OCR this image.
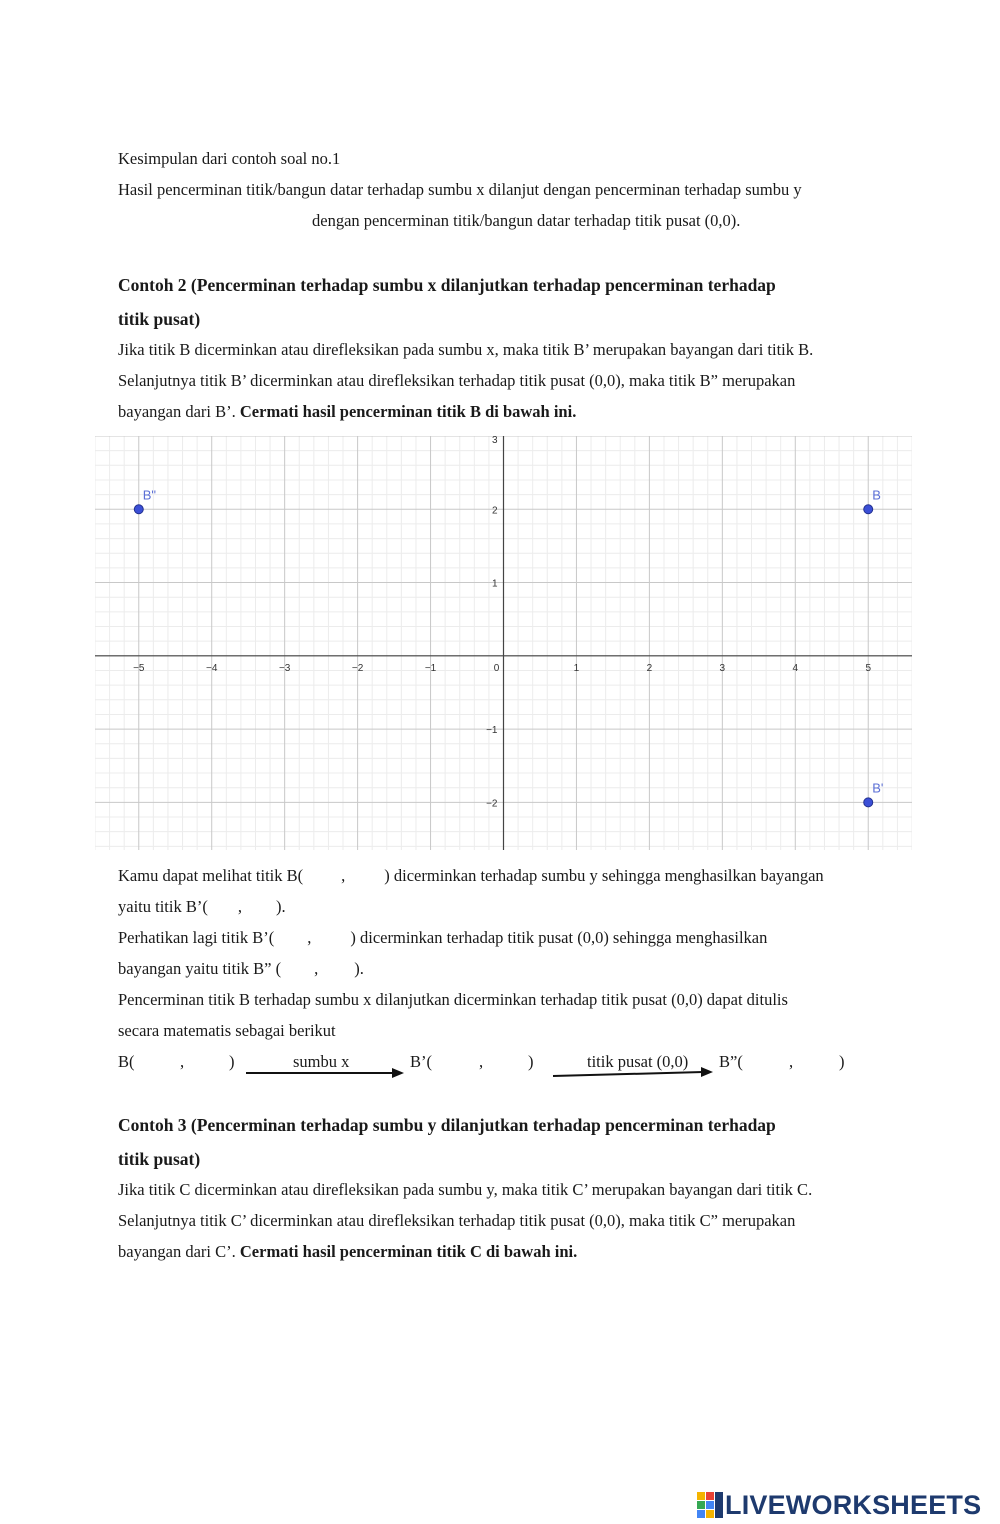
Kesimpulan dari contoh soal no.1
Hasil pencerminan titik/bangun datar terhadap sumbu x dilanjut dengan pencerminan terhadap sumbu y
dengan pencerminan titik/bangun datar terhadap titik pusat (0,0).
Contoh 2 (Pencerminan terhadap sumbu x dilanjutkan terhadap pencerminan terhadap
titik pusat)
Jika titik B dicerminkan atau direfleksikan pada sumbu x, maka titik B’ merupakan bayangan dari titik B.
Selanjutnya titik B’ dicerminkan atau direfleksikan terhadap titik pusat (0,0), maka titik B” merupakan
bayangan dari B’. Cermati hasil pencerminan titik B di bawah ini.
−5	−4	−3	−2	−1	0	1	2	3	4	5
3
2
1
−1
−2
B
B'
B"
Kamu dapat melihat titik B( , ) dicerminkan terhadap sumbu y sehingga menghasilkan bayangan
yaitu titik B’( , ).
Perhatikan lagi titik B’( , ) dicerminkan terhadap titik pusat (0,0) sehingga menghasilkan
bayangan yaitu titik B” ( , ).
Pencerminan titik B terhadap sumbu x dilanjutkan dicerminkan terhadap titik pusat (0,0) dapat ditulis
secara matematis sebagai berikut
B(	,	)	sumbu x	B’(	,	)	titik pusat (0,0) B”(	,	)
Contoh 3 (Pencerminan terhadap sumbu y dilanjutkan terhadap pencerminan terhadap
titik pusat)
Jika titik C dicerminkan atau direfleksikan pada sumbu y, maka titik C’ merupakan bayangan dari titik C.
Selanjutnya titik C’ dicerminkan atau direfleksikan terhadap titik pusat (0,0), maka titik C” merupakan
bayangan dari C’. Cermati hasil pencerminan titik C di bawah ini.
LIVEWORKSHEETS
